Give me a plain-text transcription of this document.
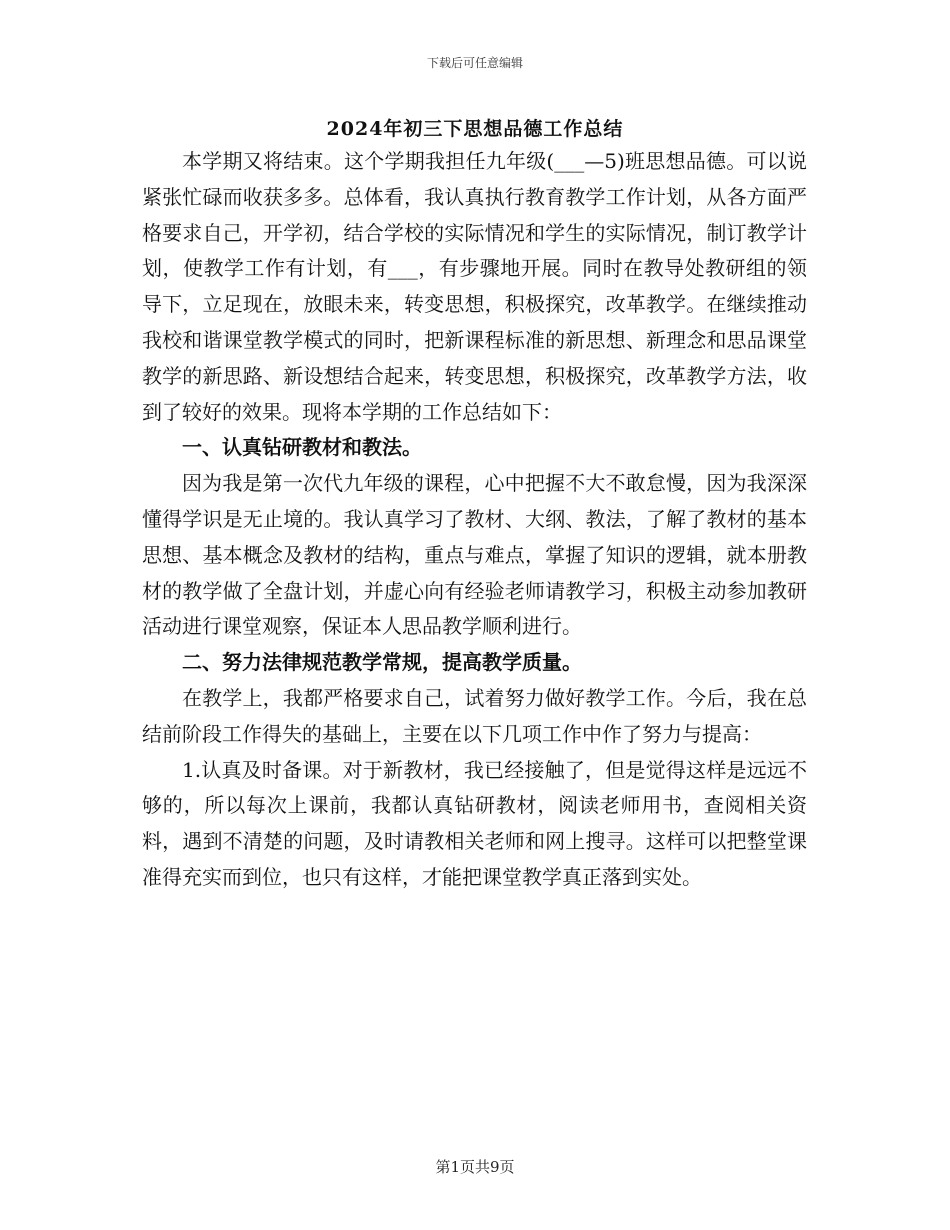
下载后可任意编辑
2024年初三下思想品德工作总结

本学期又将结束。这个学期我担任九年级(___—5)班思想品德。可以说紧张忙碌而收获多多。总体看，我认真执行教育教学工作计划，从各方面严格要求自己，开学初，结合学校的实际情况和学生的实际情况，制订教学计划，使教学工作有计划，有___，有步骤地开展。同时在教导处教研组的领导下，立足现在，放眼未来，转变思想，积极探究，改革教学。在继续推动我校和谐课堂教学模式的同时，把新课程标准的新思想、新理念和思品课堂教学的新思路、新设想结合起来，转变思想，积极探究，改革教学方法，收到了较好的效果。现将本学期的工作总结如下：

一、认真钻研教材和教法。

因为我是第一次代九年级的课程，心中把握不大不敢怠慢，因为我深深懂得学识是无止境的。我认真学习了教材、大纲、教法，了解了教材的基本思想、基本概念及教材的结构，重点与难点，掌握了知识的逻辑，就本册教材的教学做了全盘计划，并虚心向有经验老师请教学习，积极主动参加教研活动进行课堂观察，保证本人思品教学顺利进行。

二、努力法律规范教学常规，提高教学质量。

在教学上，我都严格要求自己，试着努力做好教学工作。今后，我在总结前阶段工作得失的基础上，主要在以下几项工作中作了努力与提高：

1.认真及时备课。对于新教材，我已经接触了，但是觉得这样是远远不够的，所以每次上课前，我都认真钻研教材，阅读老师用书，查阅相关资料，遇到不清楚的问题，及时请教相关老师和网上搜寻。这样可以把整堂课准得充实而到位，也只有这样，才能把课堂教学真正落到实处。

第1页共9页
